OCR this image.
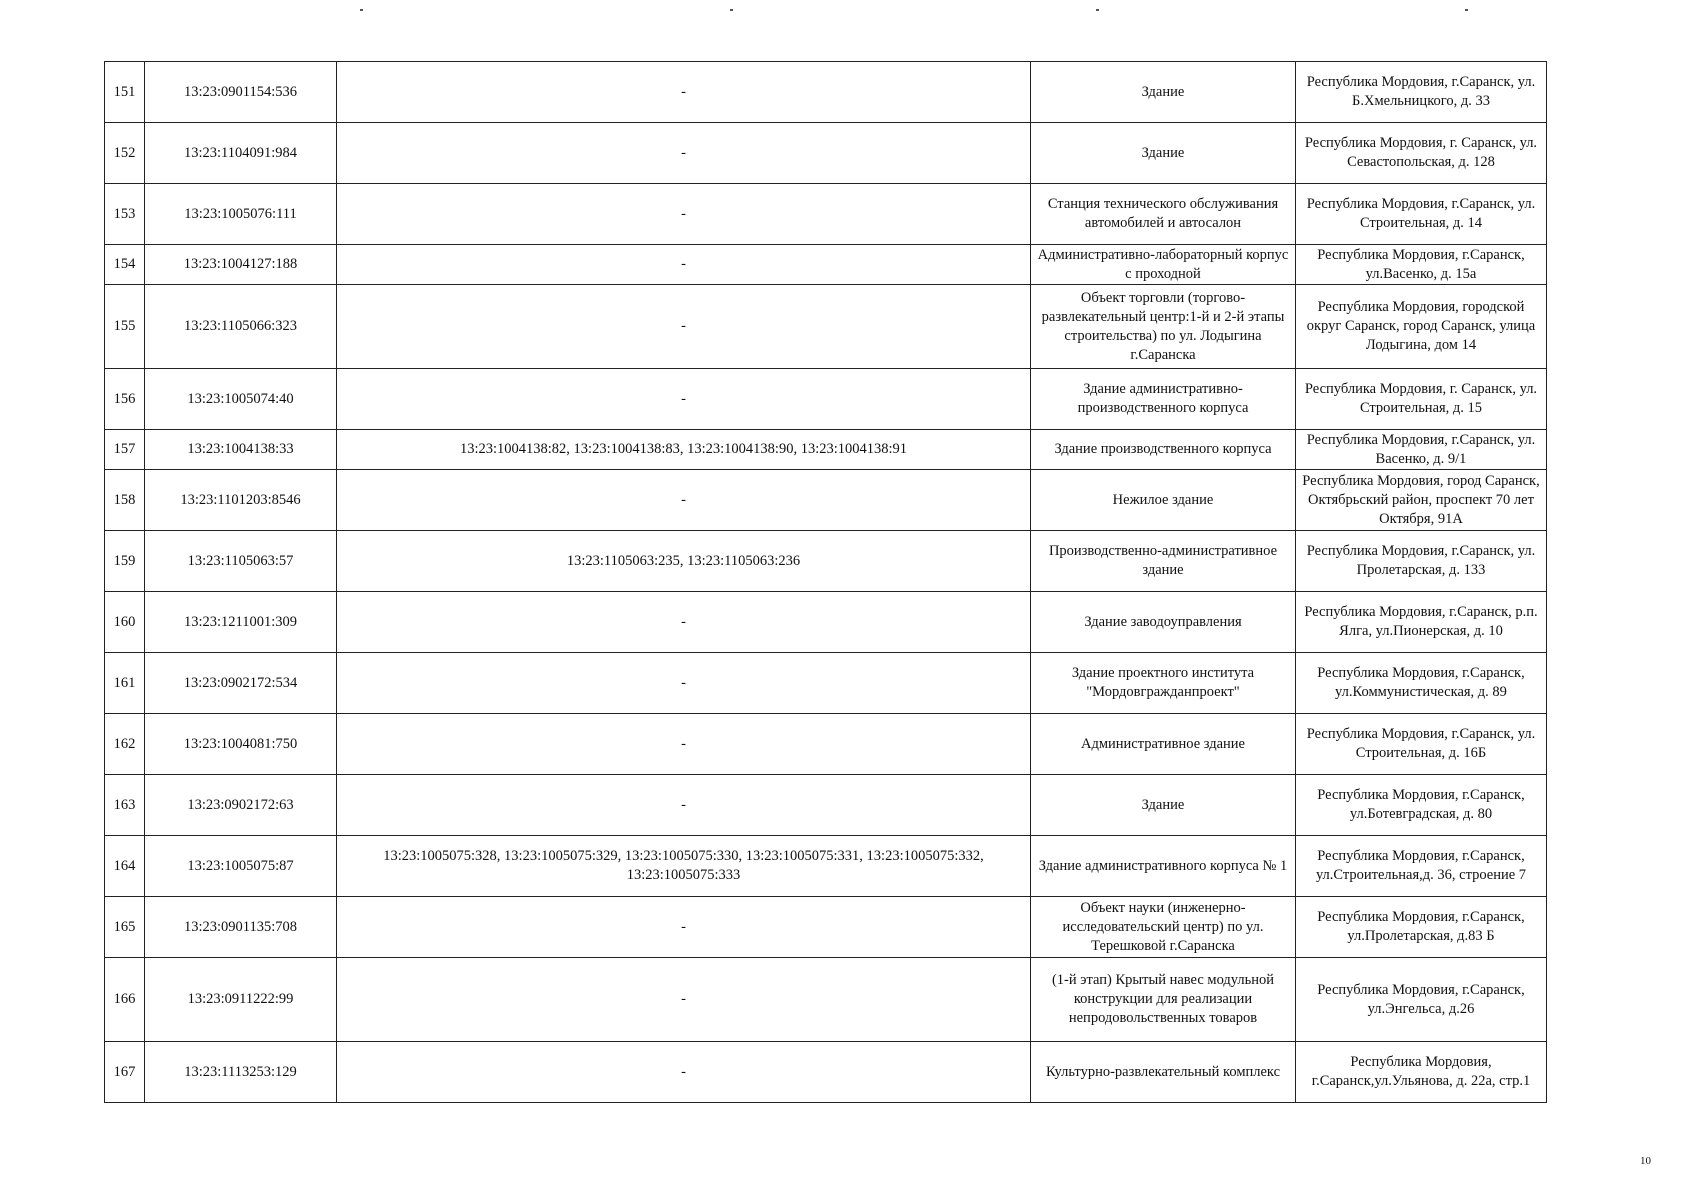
151	13:23:0901154:536	-	Здание	Республика Мордовия, г.Саранск, ул. Б.Хмельницкого, д. 33
152	13:23:1104091:984	-	Здание	Республика Мордовия, г. Саранск, ул. Севастопольская, д. 128
153	13:23:1005076:111	-	Станция технического обслуживания автомобилей и автосалон	Республика Мордовия, г.Саранск, ул. Строительная, д. 14
154	13:23:1004127:188	-	Административно-лабораторный корпус с проходной	Республика Мордовия, г.Саранск, ул.Васенко, д. 15а
155	13:23:1105066:323	-	Объект торговли (торгово-развлекательный центр:1-й и 2-й этапы строительства) по ул. Лодыгина г.Саранска	Республика Мордовия, городской округ Саранск, город Саранск, улица Лодыгина, дом 14
156	13:23:1005074:40	-	Здание административно-производственного корпуса	Республика Мордовия, г. Саранск, ул. Строительная, д. 15
157	13:23:1004138:33	13:23:1004138:82, 13:23:1004138:83, 13:23:1004138:90, 13:23:1004138:91	Здание производственного корпуса	Республика Мордовия, г.Саранск, ул. Васенко, д. 9/1
158	13:23:1101203:8546	-	Нежилое здание	Республика Мордовия, город Саранск, Октябрьский район, проспект 70 лет Октября, 91А
159	13:23:1105063:57	13:23:1105063:235, 13:23:1105063:236	Производственно-административное здание	Республика Мордовия, г.Саранск, ул. Пролетарская, д. 133
160	13:23:1211001:309	-	Здание заводоуправления	Республика Мордовия, г.Саранск, р.п. Ялга, ул.Пионерская, д. 10
161	13:23:0902172:534	-	Здание проектного института "Мордовгражданпроект"	Республика Мордовия, г.Саранск, ул.Коммунистическая, д. 89
162	13:23:1004081:750	-	Административное здание	Республика Мордовия, г.Саранск, ул. Строительная, д. 16Б
163	13:23:0902172:63	-	Здание	Республика Мордовия, г.Саранск, ул.Ботевградская, д. 80
164	13:23:1005075:87	13:23:1005075:328, 13:23:1005075:329, 13:23:1005075:330, 13:23:1005075:331, 13:23:1005075:332, 13:23:1005075:333	Здание административного корпуса № 1	Республика Мордовия, г.Саранск, ул.Строительная,д. 36, строение 7
165	13:23:0901135:708	-	Объект науки (инженерно-исследовательский центр) по ул. Терешковой г.Саранска	Республика Мордовия, г.Саранск, ул.Пролетарская, д.83 Б
166	13:23:0911222:99	-	(1-й этап) Крытый навес модульной конструкции для реализации непродовольственных товаров	Республика Мордовия, г.Саранск, ул.Энгельса, д.26
167	13:23:1113253:129	-	Культурно-развлекательный комплекс	Республика Мордовия, г.Саранск,ул.Ульянова, д. 22а, стр.1
10
